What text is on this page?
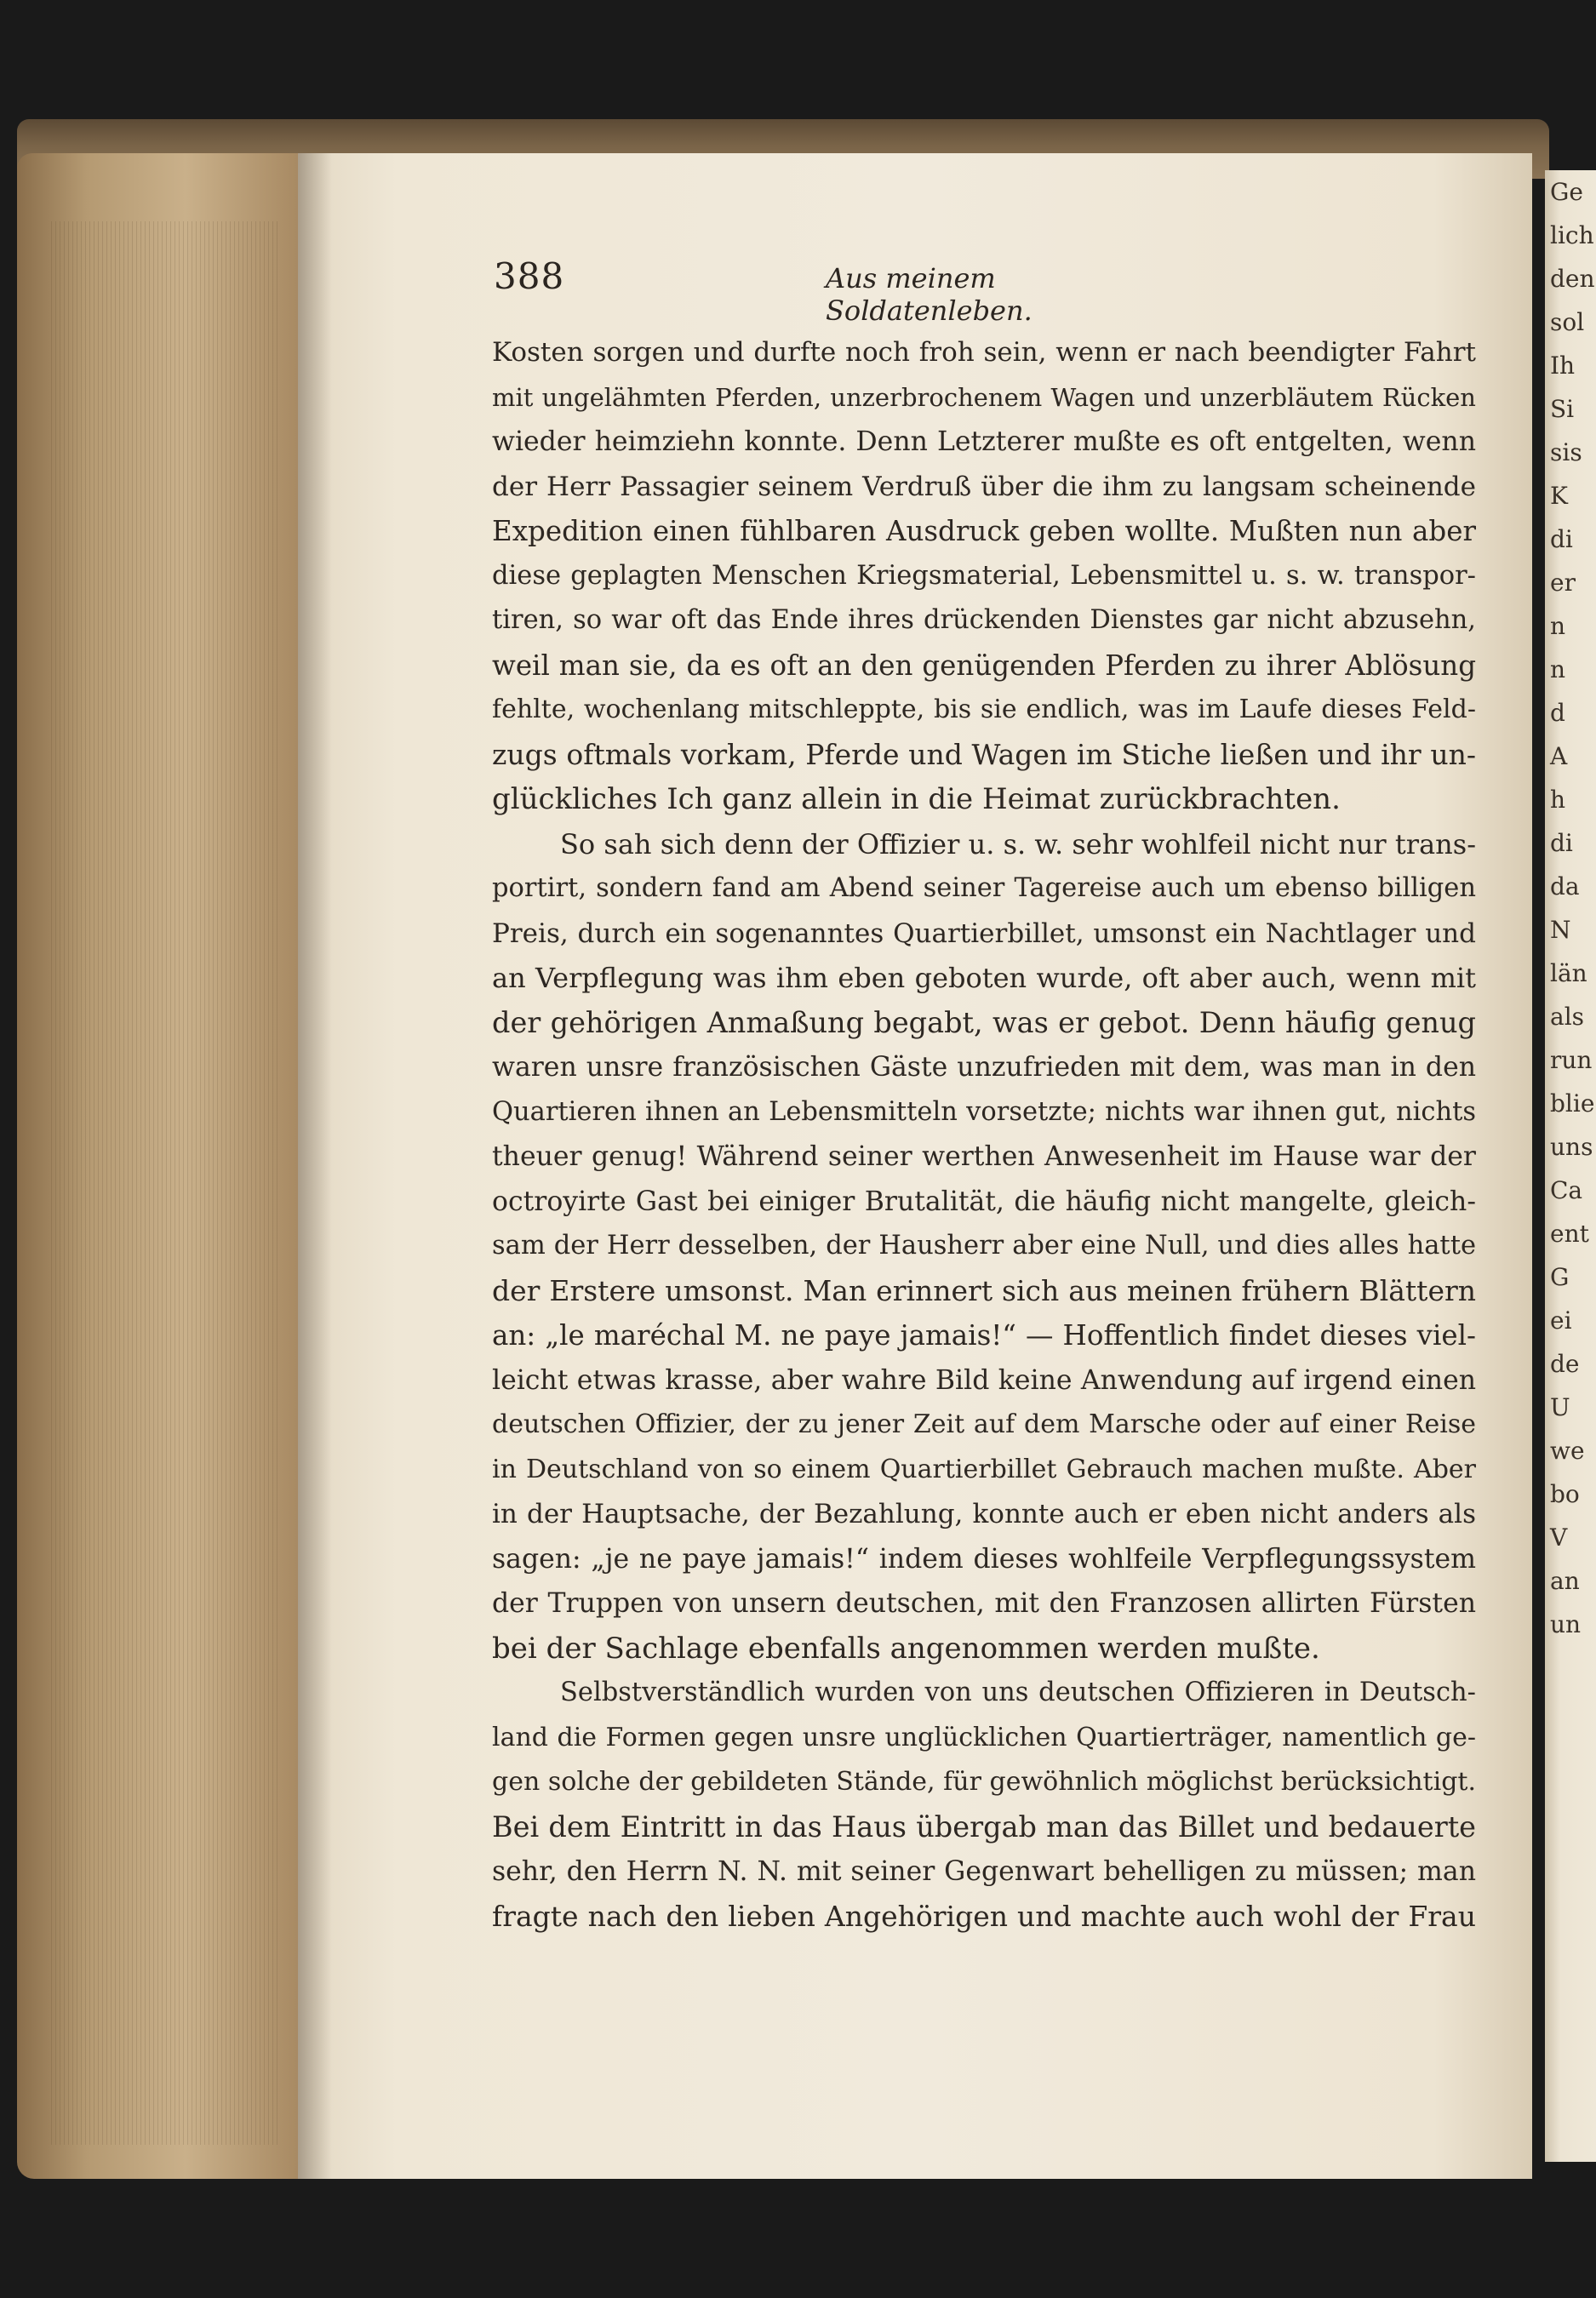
Ge
lich
den
sol
Ih
Si
sis
K
di
er
n
n
d
A
h
di
da
N
län
als
run
blie
uns
Ca
ent
G
ei
de
U
we
bo
V
an
un
388	Aus meinem Soldatenleben.
Kosten sorgen und durfte noch froh sein, wenn er nach beendigter Fahrt
mit ungelähmten Pferden, unzerbrochenem Wagen und unzerbläutem Rücken
wieder heimziehn konnte. Denn Letzterer mußte es oft entgelten, wenn
der Herr Passagier seinem Verdruß über die ihm zu langsam scheinende
Expedition einen fühlbaren Ausdruck geben wollte. Mußten nun aber
diese geplagten Menschen Kriegsmaterial, Lebensmittel u. s. w. transpor-
tiren, so war oft das Ende ihres drückenden Dienstes gar nicht abzusehn,
weil man sie, da es oft an den genügenden Pferden zu ihrer Ablösung
fehlte, wochenlang mitschleppte, bis sie endlich, was im Laufe dieses Feld-
zugs oftmals vorkam, Pferde und Wagen im Stiche ließen und ihr un-
glückliches Ich ganz allein in die Heimat zurückbrachten.
So sah sich denn der Offizier u. s. w. sehr wohlfeil nicht nur trans-
portirt, sondern fand am Abend seiner Tagereise auch um ebenso billigen
Preis, durch ein sogenanntes Quartierbillet, umsonst ein Nachtlager und
an Verpflegung was ihm eben geboten wurde, oft aber auch, wenn mit
der gehörigen Anmaßung begabt, was er gebot. Denn häufig genug
waren unsre französischen Gäste unzufrieden mit dem, was man in den
Quartieren ihnen an Lebensmitteln vorsetzte; nichts war ihnen gut, nichts
theuer genug! Während seiner werthen Anwesenheit im Hause war der
octroyirte Gast bei einiger Brutalität, die häufig nicht mangelte, gleich-
sam der Herr desselben, der Hausherr aber eine Null, und dies alles hatte
der Erstere umsonst. Man erinnert sich aus meinen frühern Blättern
an: „le maréchal M. ne paye jamais!“ — Hoffentlich findet dieses viel-
leicht etwas krasse, aber wahre Bild keine Anwendung auf irgend einen
deutschen Offizier, der zu jener Zeit auf dem Marsche oder auf einer Reise
in Deutschland von so einem Quartierbillet Gebrauch machen mußte. Aber
in der Hauptsache, der Bezahlung, konnte auch er eben nicht anders als
sagen: „je ne paye jamais!“ indem dieses wohlfeile Verpflegungssystem
der Truppen von unsern deutschen, mit den Franzosen allirten Fürsten
bei der Sachlage ebenfalls angenommen werden mußte.
Selbstverständlich wurden von uns deutschen Offizieren in Deutsch-
land die Formen gegen unsre unglücklichen Quartierträger, namentlich ge-
gen solche der gebildeten Stände, für gewöhnlich möglichst berücksichtigt.
Bei dem Eintritt in das Haus übergab man das Billet und bedauerte
sehr, den Herrn N. N. mit seiner Gegenwart behelligen zu müssen; man
fragte nach den lieben Angehörigen und machte auch wohl der Frau
